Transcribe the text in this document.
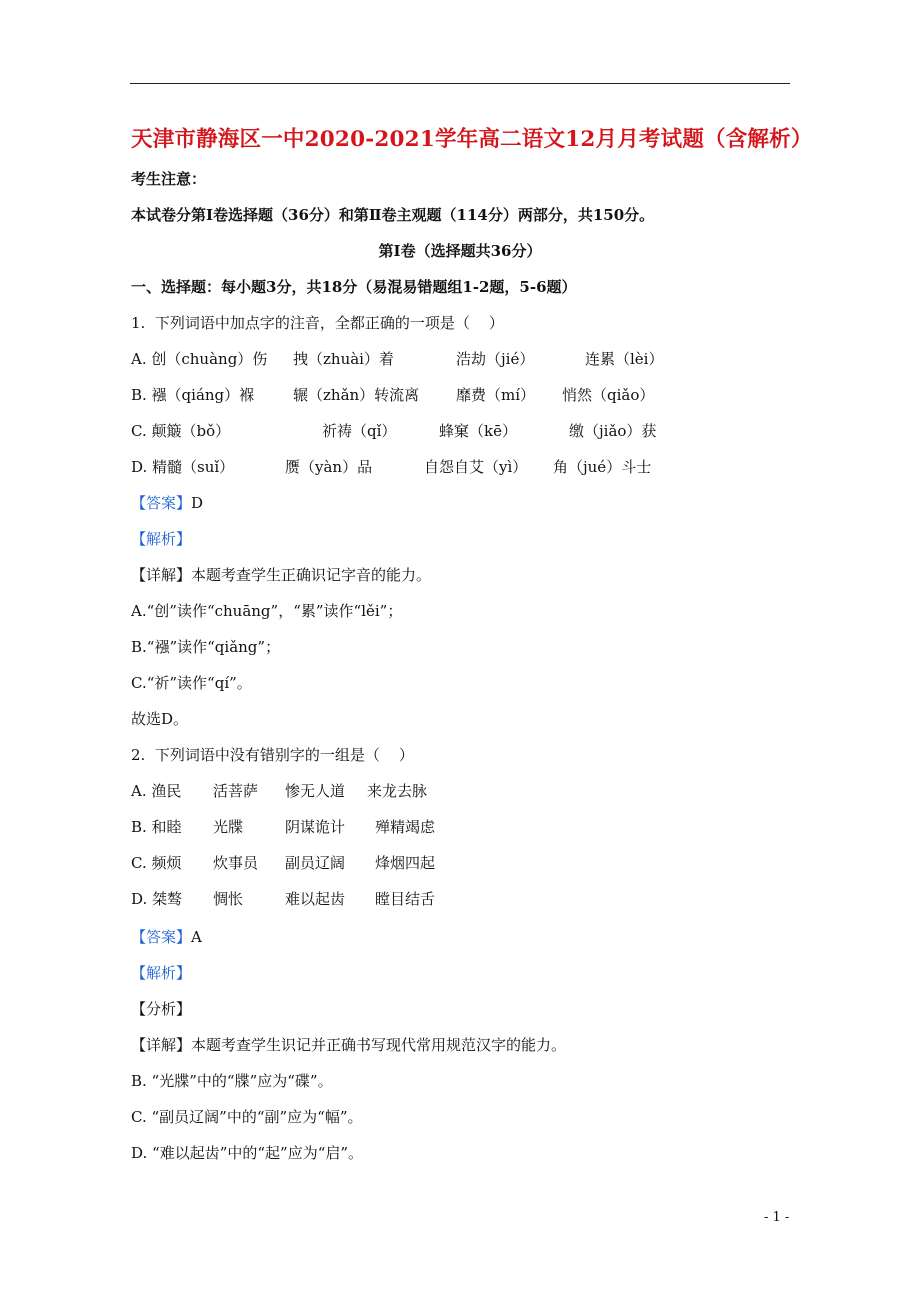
天津市静海区一中2020-2021学年高二语文12月月考试题（含解析）
考生注意：
本试卷分第Ⅰ卷选择题（36分）和第Ⅱ卷主观题（114分）两部分，共150分。
第Ⅰ卷（选择题共36分）
一、选择题：每小题3分，共18分（易混易错题组1-2题，5-6题）
1.  下列词语中加点字的注音，全都正确的一项是（    ）
A. 创（chuàng）伤 拽（zhuài）着	浩劫（jié）	连累（lèi）
B. 襁（qiáng）褓	辗（zhǎn）转流离 靡费（mí） 悄然（qiǎo）
C. 颠簸（bǒ）	祈祷（qǐ）	蜂窠（kē）	缴（jiǎo）获
D. 精髓（suǐ）	赝（yàn）品	自怨自艾（yì） 角（jué）斗士
【答案】D
【解析】
【详解】本题考查学生正确识记字音的能力。
A.“创”读作“chuāng”，“累”读作“lěi”；
B.“襁”读作“qiǎng”；
C.“祈”读作“qí”。
故选D。
2.  下列词语中没有错别字的一组是（    ）
A. 渔民 活菩萨 惨无人道 来龙去脉
B. 和睦 光牒	阴谋诡计 殚精竭虑
C. 频烦 炊事员 副员辽阔 烽烟四起
D. 桀骜 惆怅	难以起齿 瞠目结舌
【答案】A
【解析】
【分析】
【详解】本题考查学生识记并正确书写现代常用规范汉字的能力。
B. “光牒”中的“牒”应为“碟”。
C. “副员辽阔”中的“副”应为“幅”。
D. “难以起齿”中的“起”应为“启”。
- 1 -
